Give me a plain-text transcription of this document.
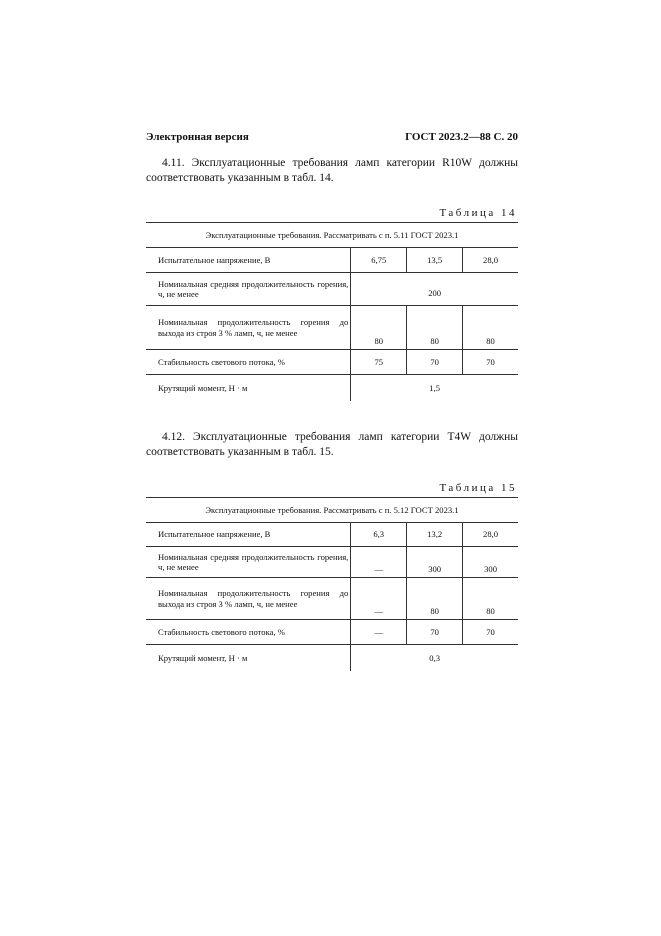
Электронная версия	ГОСТ 2023.2—88 С. 20
4.11. Эксплуатационные требования ламп категории R10W должны соответствовать указанным в табл. 14.
Таблица 14
Эксплуатационные требования. Рассматривать с п. 5.11 ГОСТ 2023.1			
Испытательное напряжение, В	6,75	13,5	28,0
Номинальная средняя продолжительность горения, ч, не менее	200		
Номинальная продолжительность горения до выхода из строя 3 % ламп, ч, не менее	80	80	80
Стабильность светового потока, %	75	70	70
Крутящий момент, Н · м	1,5		
4.12. Эксплуатационные требования ламп категории T4W должны соответствовать указанным в табл. 15.
Таблица 15
Эксплуатационные требования. Рассматривать с п. 5.12 ГОСТ 2023.1			
Испытательное напряжение, В	6,3	13,2	28,0
Номинальная средняя продолжительность горения, ч, не менее	—	300	300
Номинальная продолжительность горения до выхода из строя 3 % ламп, ч, не менее	—	80	80
Стабильность светового потока, %	—	70	70
Крутящий момент, Н · м	0,3		
